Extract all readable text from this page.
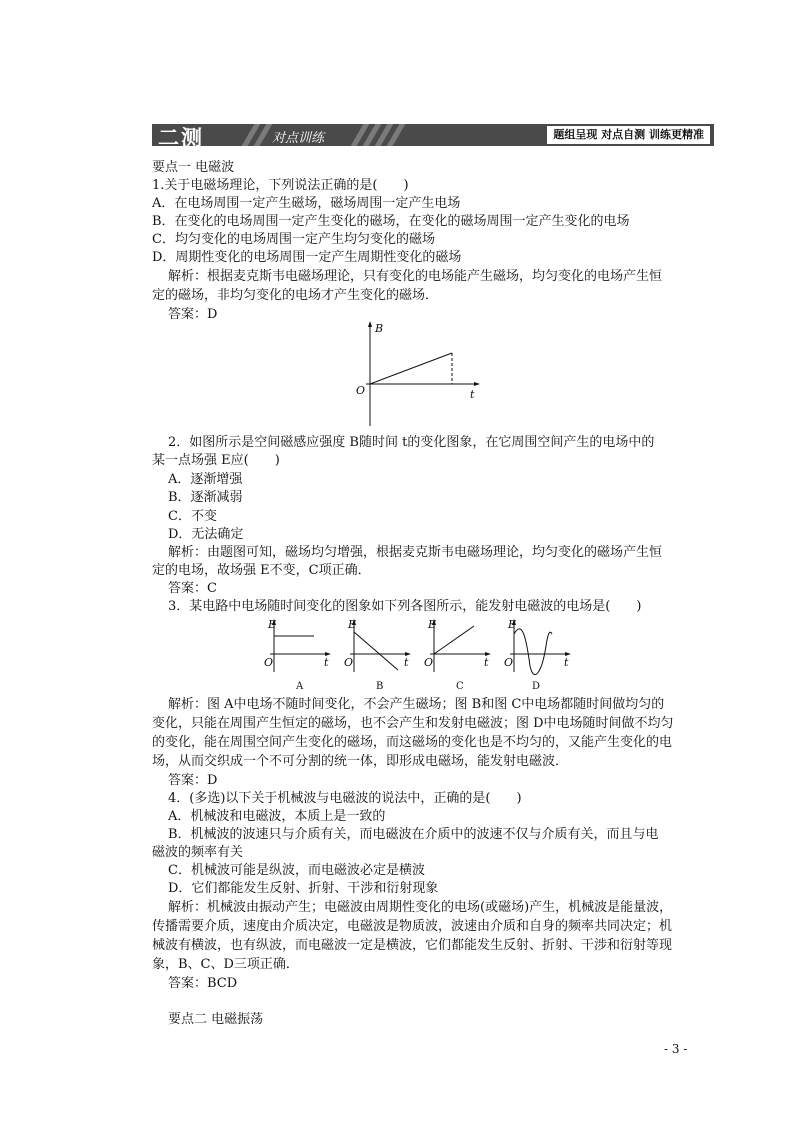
二测	对点训练	题组呈现 对点自测 训练更精准
要点一 电磁波
1.关于电磁场理论，下列说法正确的是(　　)
A．在电场周围一定产生磁场，磁场周围一定产生电场
B．在变化的电场周围一定产生变化的磁场，在变化的磁场周围一定产生变化的电场
C．均匀变化的电场周围一定产生均匀变化的磁场
D．周期性变化的电场周围一定产生周期性变化的磁场
解析：根据麦克斯韦电磁场理论，只有变化的电场能产生磁场，均匀变化的电场产生恒
定的磁场，非均匀变化的电场才产生变化的磁场．
答案：D
B
t
O
2．如图所示是空间磁感应强度 B随时间 t的变化图象，在它周围空间产生的电场中的
某一点场强 E应(　　)
A．逐渐增强
B．逐渐减弱
C．不变
D．无法确定
解析：由题图可知，磁场均匀增强，根据麦克斯韦电磁场理论，均匀变化的磁场产生恒
定的电场，故场强 E不变，C项正确．
答案：C
3．某电路中电场随时间变化的图象如下列各图所示，能发射电磁波的电场是(　　)
E
t
O
A
E
t
O
B
E
t
O
C
E
t
O
D
解析：图 A中电场不随时间变化，不会产生磁场；图 B和图 C中电场都随时间做均匀的
变化，只能在周围产生恒定的磁场，也不会产生和发射电磁波；图 D中电场随时间做不均匀
的变化，能在周围空间产生变化的磁场，而这磁场的变化也是不均匀的，又能产生变化的电
场，从而交织成一个不可分割的统一体，即形成电磁场，能发射电磁波．
答案：D
4．(多选)以下关于机械波与电磁波的说法中，正确的是(　　)
A．机械波和电磁波，本质上是一致的
B．机械波的波速只与介质有关，而电磁波在介质中的波速不仅与介质有关，而且与电
磁波的频率有关
C．机械波可能是纵波，而电磁波必定是横波
D．它们都能发生反射、折射、干涉和衍射现象
解析：机械波由振动产生；电磁波由周期性变化的电场(或磁场)产生，机械波是能量波，
传播需要介质，速度由介质决定，电磁波是物质波，波速由介质和自身的频率共同决定；机
械波有横波，也有纵波，而电磁波一定是横波，它们都能发生反射、折射、干涉和衍射等现
象，B、C、D三项正确．
答案：BCD
要点二 电磁振荡
- 3 -
